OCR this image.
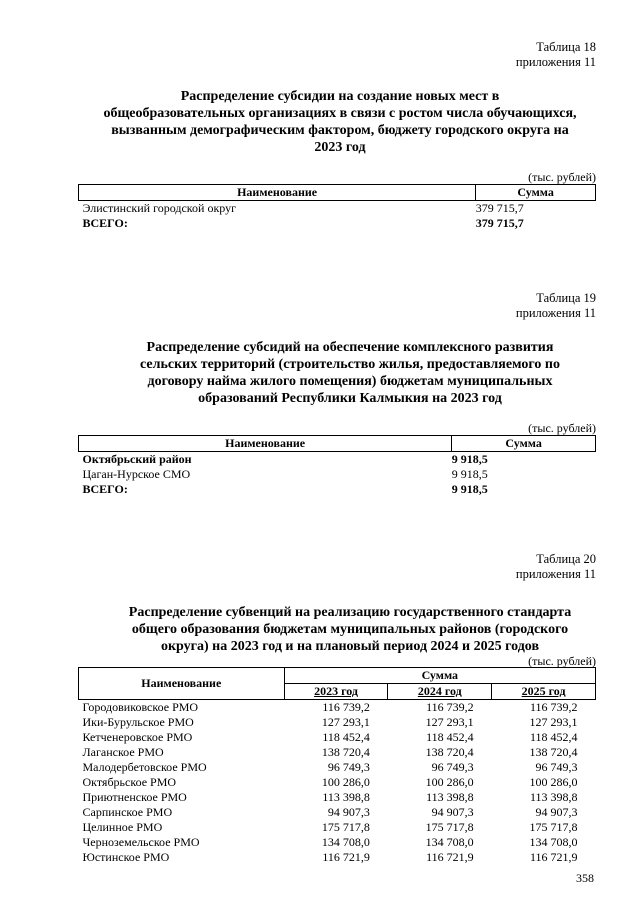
Таблица 18
приложения 11
Распределение субсидии на создание новых мест в
общеобразовательных организациях в связи с ростом числа обучающихся,
вызванным демографическим фактором, бюджету городского округа на
2023 год
(тыс. рублей)
Наименование	Сумма
Элистинский городской округ	379 715,7
ВСЕГО:	379 715,7
Таблица 19
приложения 11
Распределение субсидий на обеспечение комплексного развития
сельских территорий (строительство жилья, предоставляемого по
договору найма жилого помещения) бюджетам муниципальных
образований Республики Калмыкия на 2023 год
(тыс. рублей)
Наименование	Сумма
Октябрьский район	9 918,5
Цаган-Нурское СМО	9 918,5
ВСЕГО:	9 918,5
Таблица 20
приложения 11
Распределение субвенций на реализацию государственного стандарта
общего образования бюджетам муниципальных районов (городского
округа) на 2023 год и на плановый период 2024 и 2025 годов
(тыс. рублей)
Наименование	Сумма		
	2023 год	2024 год	2025 год
Городовиковское РМО	116 739,2	116 739,2	116 739,2
Ики-Бурульское РМО	127 293,1	127 293,1	127 293,1
Кетченеровское РМО	118 452,4	118 452,4	118 452,4
Лаганское РМО	138 720,4	138 720,4	138 720,4
Малодербетовское РМО	96 749,3	96 749,3	96 749,3
Октябрьское РМО	100 286,0	100 286,0	100 286,0
Приютненское РМО	113 398,8	113 398,8	113 398,8
Сарпинское РМО	94 907,3	94 907,3	94 907,3
Целинное РМО	175 717,8	175 717,8	175 717,8
Черноземельское РМО	134 708,0	134 708,0	134 708,0
Юстинское РМО	116 721,9	116 721,9	116 721,9
358
